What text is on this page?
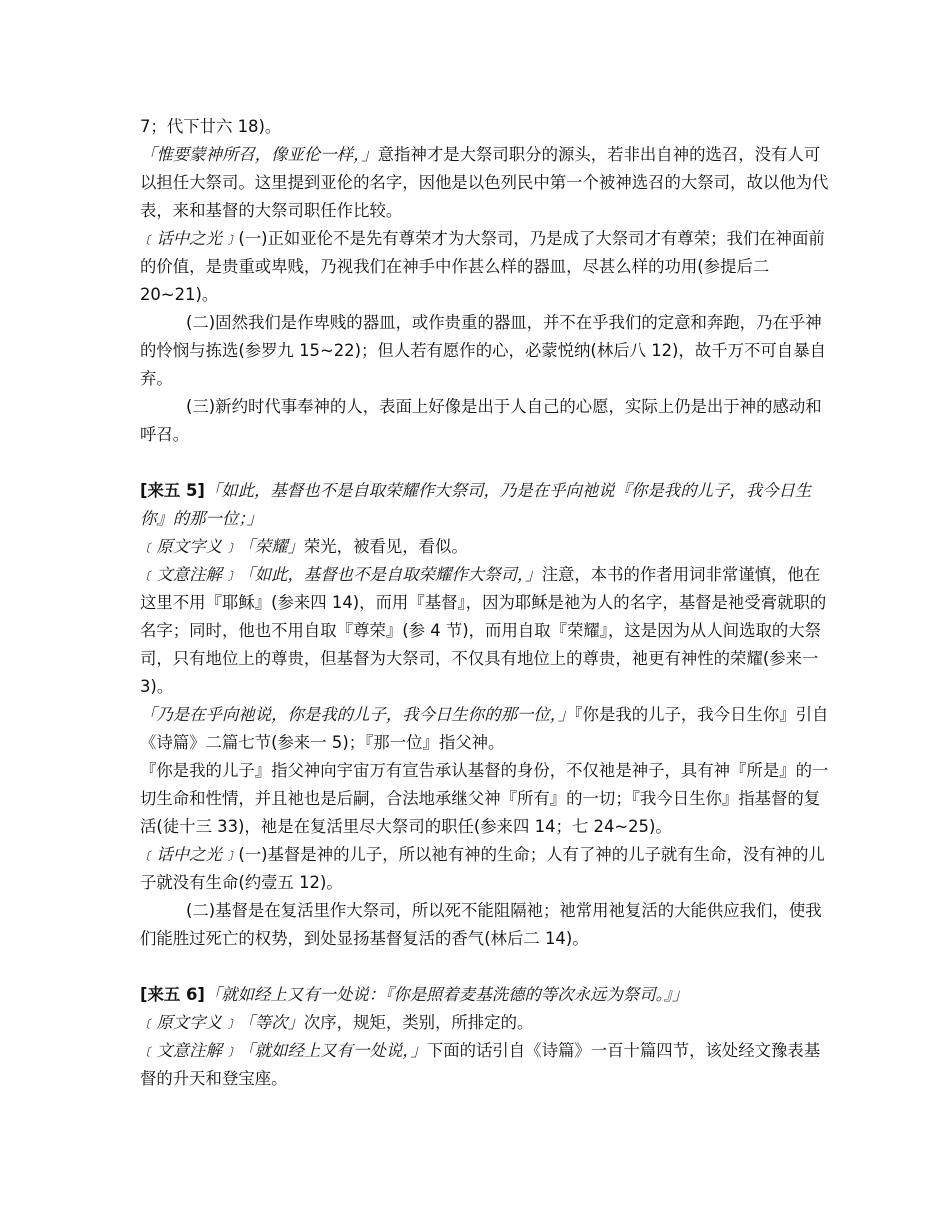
7；代下廿六 18)。

「惟要蒙神所召，像亚伦一样，」意指神才是大祭司职分的源头，若非出自神的选召，没有人可以担任大祭司。这里提到亚伦的名字，因他是以色列民中第一个被神选召的大祭司，故以他为代表，来和基督的大祭司职任作比较。

﹝话中之光﹞(一)正如亚伦不是先有尊荣才为大祭司，乃是成了大祭司才有尊荣；我们在神面前的价值，是贵重或卑贱，乃视我们在神手中作甚么样的器皿，尽甚么样的功用(参提后二 20~21)。

(二)固然我们是作卑贱的器皿，或作贵重的器皿，并不在乎我们的定意和奔跑，乃在乎神的怜悯与拣选(参罗九 15~22)；但人若有愿作的心，必蒙悦纳(林后八 12)，故千万不可自暴自弃。

(三)新约时代事奉神的人，表面上好像是出于人自己的心愿，实际上仍是出于神的感动和呼召。

[来五 5]「如此，基督也不是自取荣耀作大祭司，乃是在乎向祂说『你是我的儿子，我今日生你』的那一位；」

﹝原文字义﹞「荣耀」荣光，被看见，看似。

﹝文意注解﹞「如此，基督也不是自取荣耀作大祭司，」注意，本书的作者用词非常谨慎，他在这里不用『耶稣』(参来四 14)，而用『基督』，因为耶稣是祂为人的名字，基督是祂受膏就职的名字；同时，他也不用自取『尊荣』(参 4 节)，而用自取『荣耀』，这是因为从人间选取的大祭司，只有地位上的尊贵，但基督为大祭司，不仅具有地位上的尊贵，祂更有神性的荣耀(参来一 3)。

「乃是在乎向祂说，你是我的儿子，我今日生你的那一位，」『你是我的儿子，我今日生你』引自《诗篇》二篇七节(参来一 5)；『那一位』指父神。

『你是我的儿子』指父神向宇宙万有宣告承认基督的身份，不仅祂是神子，具有神『所是』的一切生命和性情，并且祂也是后嗣，合法地承继父神『所有』的一切；『我今日生你』指基督的复活(徒十三 33)，祂是在复活里尽大祭司的职任(参来四 14；七 24~25)。

﹝话中之光﹞(一)基督是神的儿子，所以祂有神的生命；人有了神的儿子就有生命，没有神的儿子就没有生命(约壹五 12)。

(二)基督是在复活里作大祭司，所以死不能阻隔祂；祂常用祂复活的大能供应我们，使我们能胜过死亡的权势，到处显扬基督复活的香气(林后二 14)。

[来五 6]「就如经上又有一处说：『你是照着麦基洗德的等次永远为祭司。』」

﹝原文字义﹞「等次」次序，规矩，类别，所排定的。

﹝文意注解﹞「就如经上又有一处说，」下面的话引自《诗篇》一百十篇四节，该处经文豫表基督的升天和登宝座。
